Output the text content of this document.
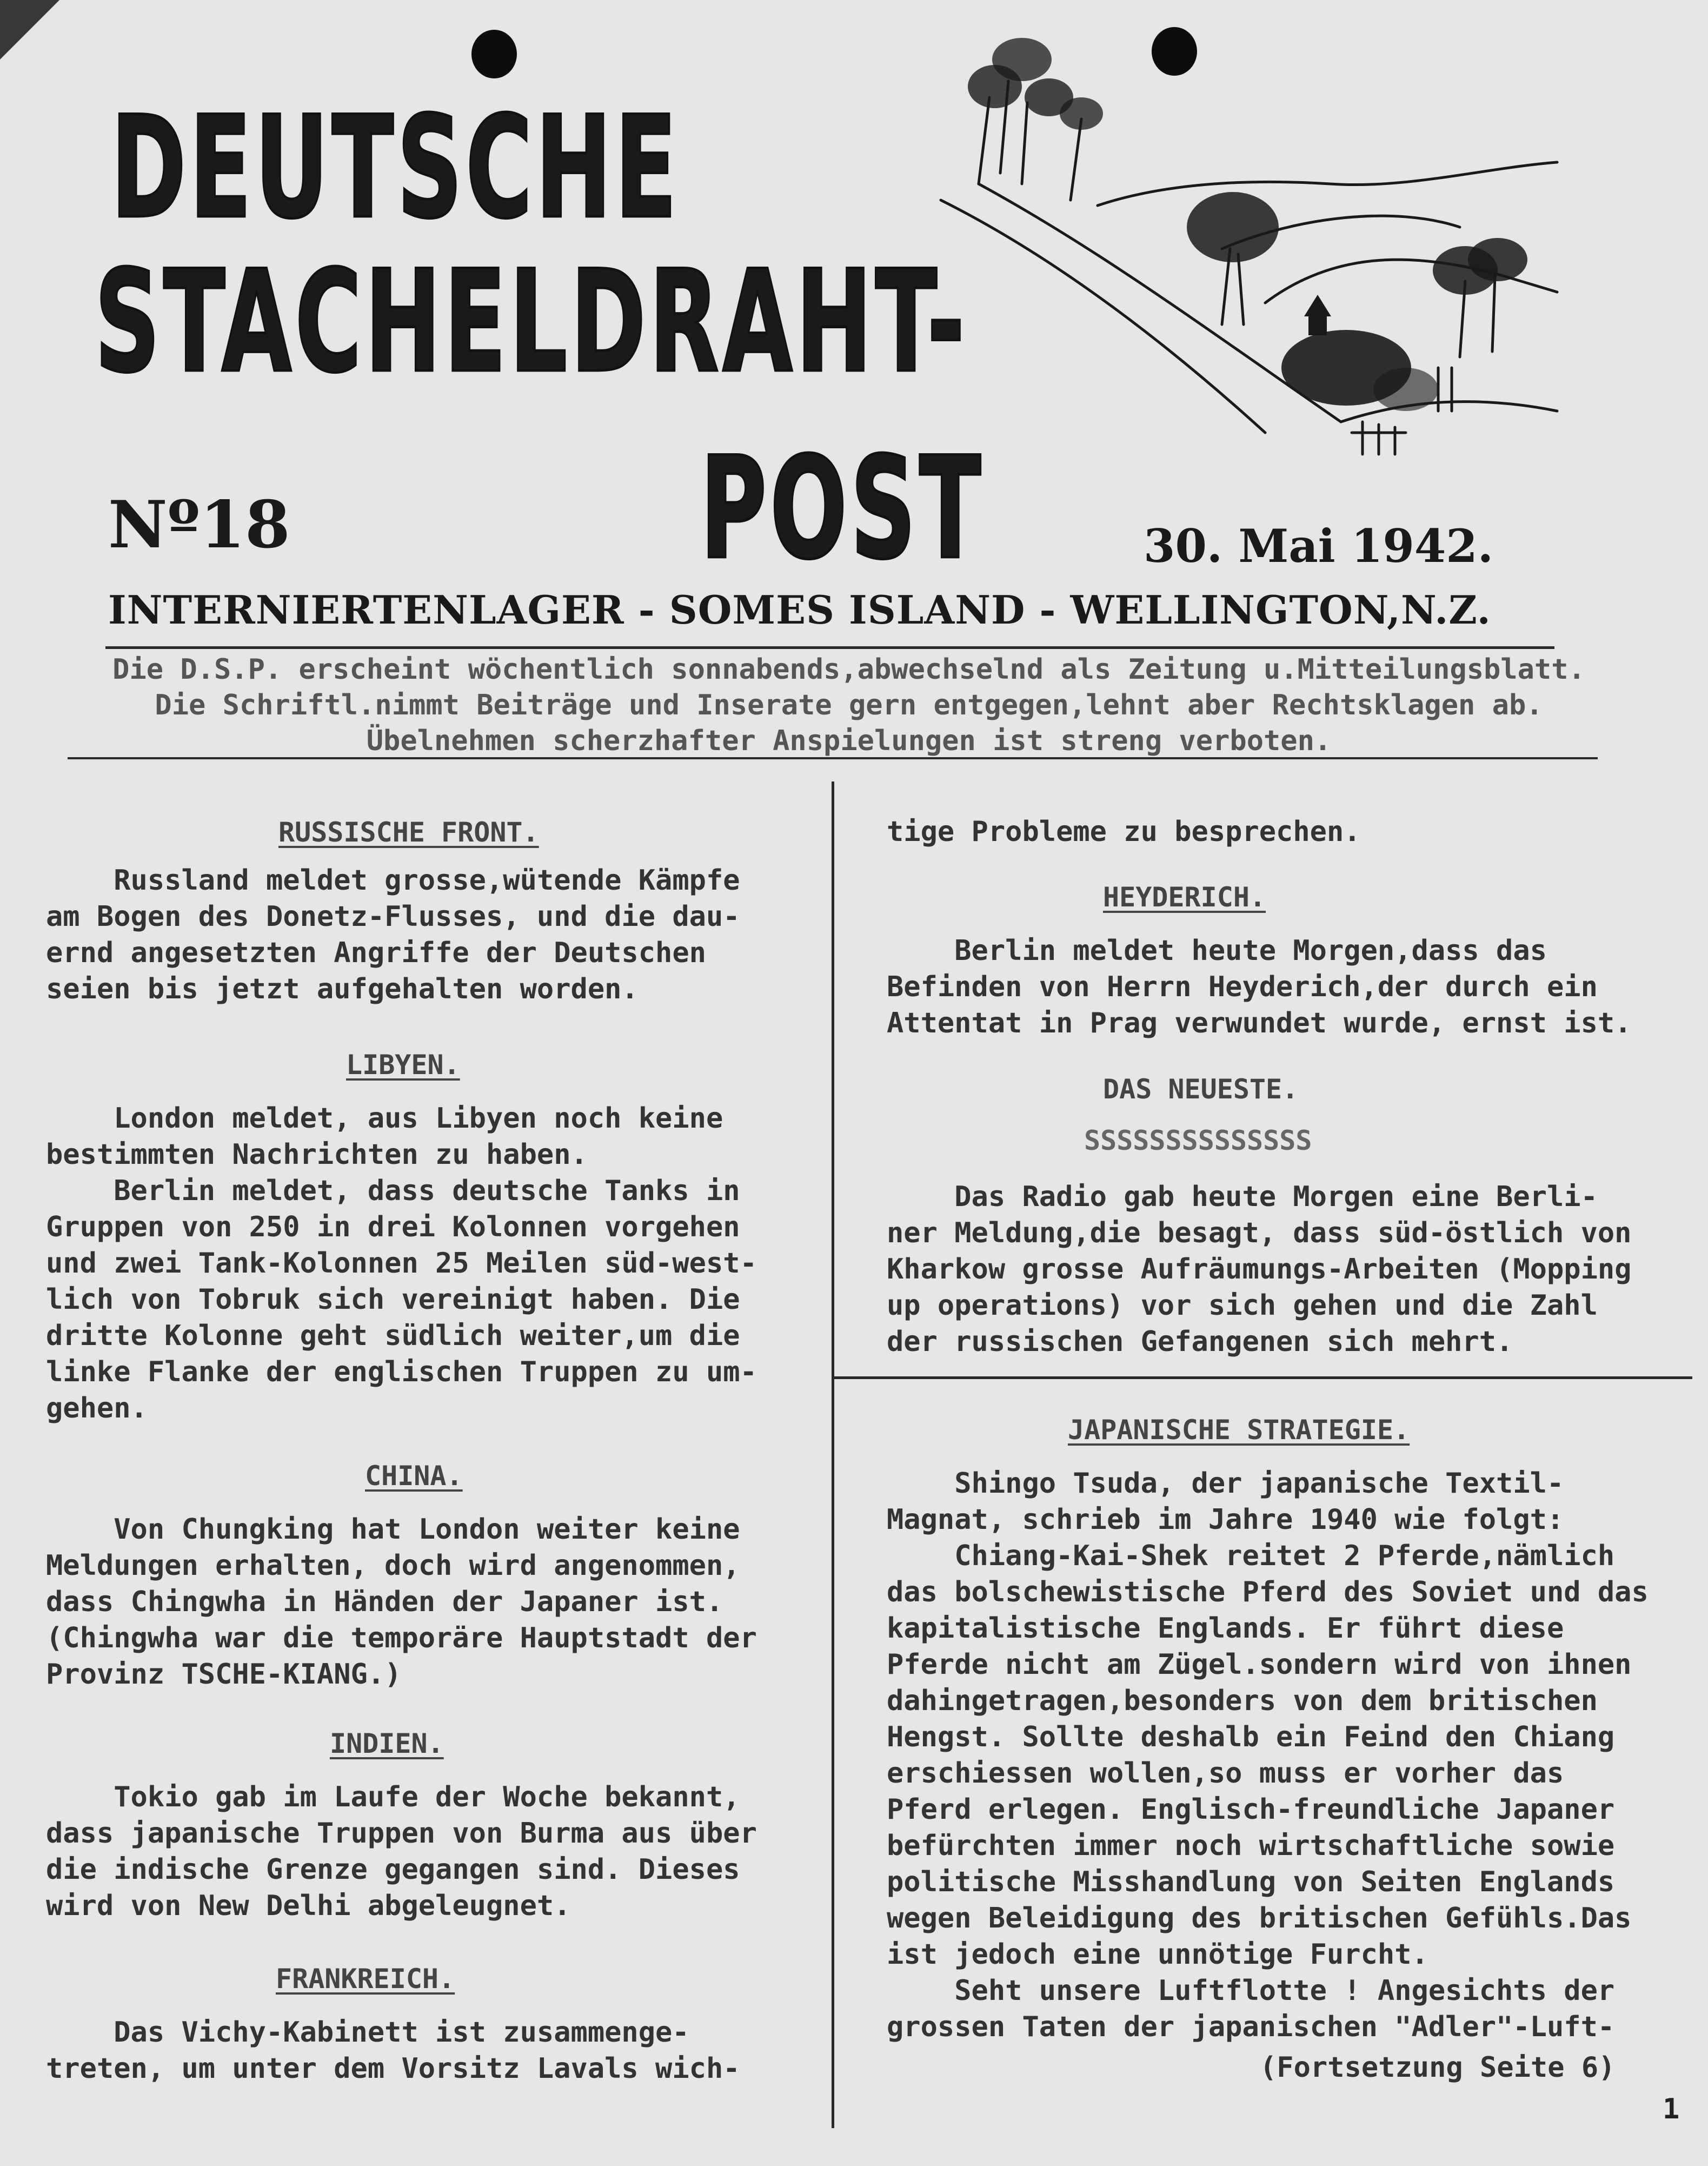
DEUTSCHE
STACHELDRAHT-
POST
Nº18	30. Mai 1942.
INTERNIERTENLAGER - SOMES ISLAND - WELLINGTON,N.Z.
Die D.S.P. erscheint wöchentlich sonnabends,abwechselnd als Zeitung u.Mitteilungsblatt.
Die Schriftl.nimmt Beiträge und Inserate gern entgegen,lehnt aber Rechtsklagen ab.
Übelnehmen scherzhafter Anspielungen ist streng verboten.
RUSSISCHE FRONT.
Russland meldet grosse,wütende Kämpfe
am Bogen des Donetz-Flusses, und die dau-
ernd angesetzten Angriffe der Deutschen
seien bis jetzt aufgehalten worden.
LIBYEN.
London meldet, aus Libyen noch keine
bestimmten Nachrichten zu haben.
Berlin meldet, dass deutsche Tanks in
Gruppen von 250 in drei Kolonnen vorgehen
und zwei Tank-Kolonnen 25 Meilen süd-west-
lich von Tobruk sich vereinigt haben. Die
dritte Kolonne geht südlich weiter,um die
linke Flanke der englischen Truppen zu um-
gehen.
CHINA.
Von Chungking hat London weiter keine
Meldungen erhalten, doch wird angenommen,
dass Chingwha in Händen der Japaner ist.
(Chingwha war die temporäre Hauptstadt der
Provinz TSCHE-KIANG.)
INDIEN.
Tokio gab im Laufe der Woche bekannt,
dass japanische Truppen von Burma aus über
die indische Grenze gegangen sind. Dieses
wird von New Delhi abgeleugnet.
FRANKREICH.
Das Vichy-Kabinett ist zusammenge-
treten, um unter dem Vorsitz Lavals wich-
tige Probleme zu besprechen.
HEYDERICH.
Berlin meldet heute Morgen,dass das
Befinden von Herrn Heyderich,der durch ein
Attentat in Prag verwundet wurde, ernst ist.
DAS NEUESTE.
SSSSSSSSSSSSSS
Das Radio gab heute Morgen eine Berli-
ner Meldung,die besagt, dass süd-östlich von
Kharkow grosse Aufräumungs-Arbeiten (Mopping
up operations) vor sich gehen und die Zahl
der russischen Gefangenen sich mehrt.
JAPANISCHE STRATEGIE.
Shingo Tsuda, der japanische Textil-
Magnat, schrieb im Jahre 1940 wie folgt:
Chiang-Kai-Shek reitet 2 Pferde,nämlich
das bolschewistische Pferd des Soviet und das
kapitalistische Englands. Er führt diese
Pferde nicht am Zügel.sondern wird von ihnen
dahingetragen,besonders von dem britischen
Hengst. Sollte deshalb ein Feind den Chiang
erschiessen wollen,so muss er vorher das
Pferd erlegen. Englisch-freundliche Japaner
befürchten immer noch wirtschaftliche sowie
politische Misshandlung von Seiten Englands
wegen Beleidigung des britischen Gefühls.Das
ist jedoch eine unnötige Furcht.
Seht unsere Luftflotte ! Angesichts der
grossen Taten der japanischen "Adler"-Luft-
(Fortsetzung Seite 6)
1
